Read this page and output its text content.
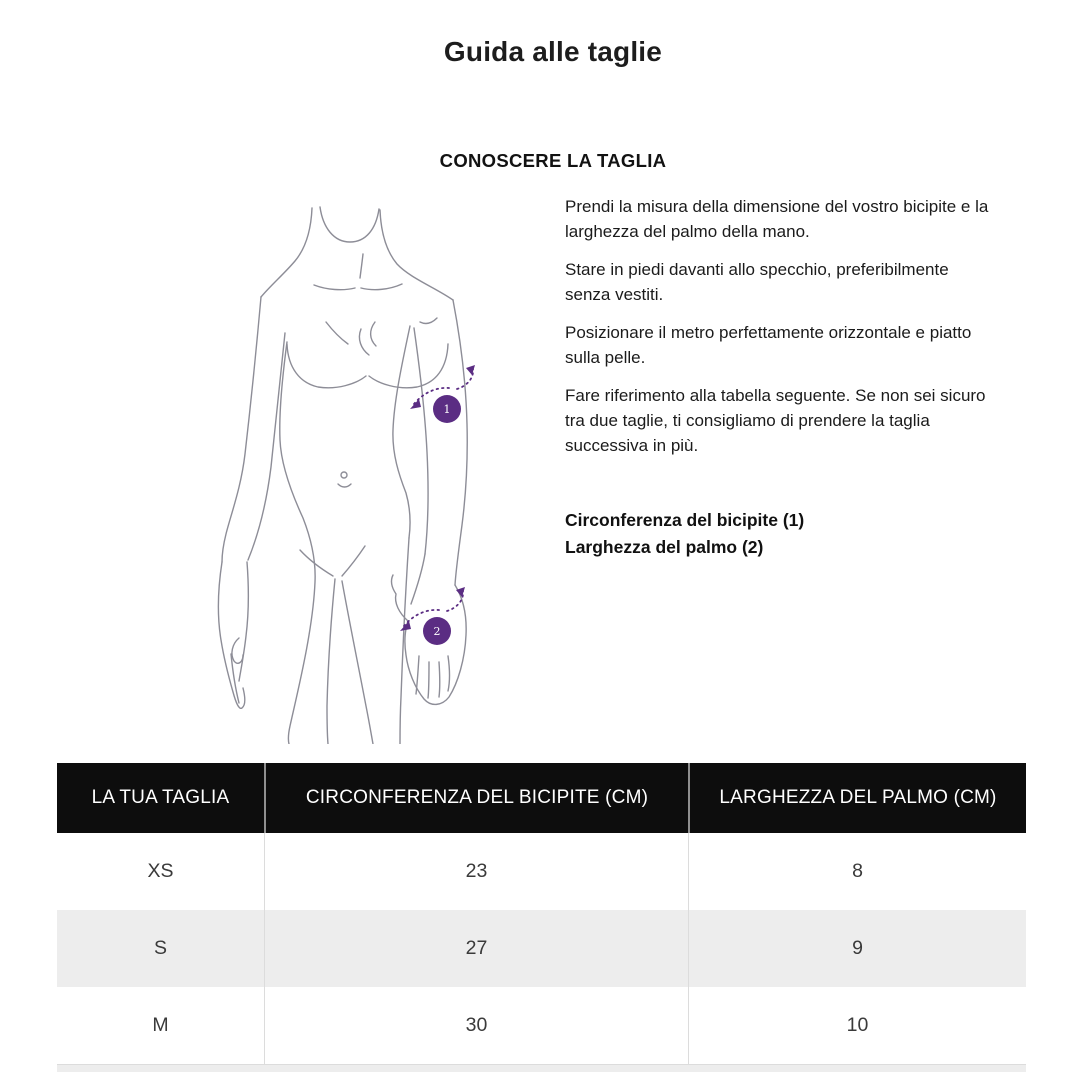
Guida alle taglie
CONOSCERE LA TAGLIA
1
2

Prendi la misura della dimensione del vostro bicipite e la larghezza del palmo della mano.

Stare in piedi davanti allo specchio, preferibilmente senza vestiti.

Posizionare il metro perfettamente orizzontale e piatto sulla pelle.

Fare riferimento alla tabella seguente. Se non sei sicuro tra due taglie, ti consigliamo di prendere la taglia successiva in più.

Circonferenza del bicipite (1)
Larghezza del palmo (2)
LA TUA TAGLIA	CIRCONFERENZA DEL BICIPITE (CM)	LARGHEZZA DEL PALMO (CM)
XS	23	8
S	27	9
M	30	10
